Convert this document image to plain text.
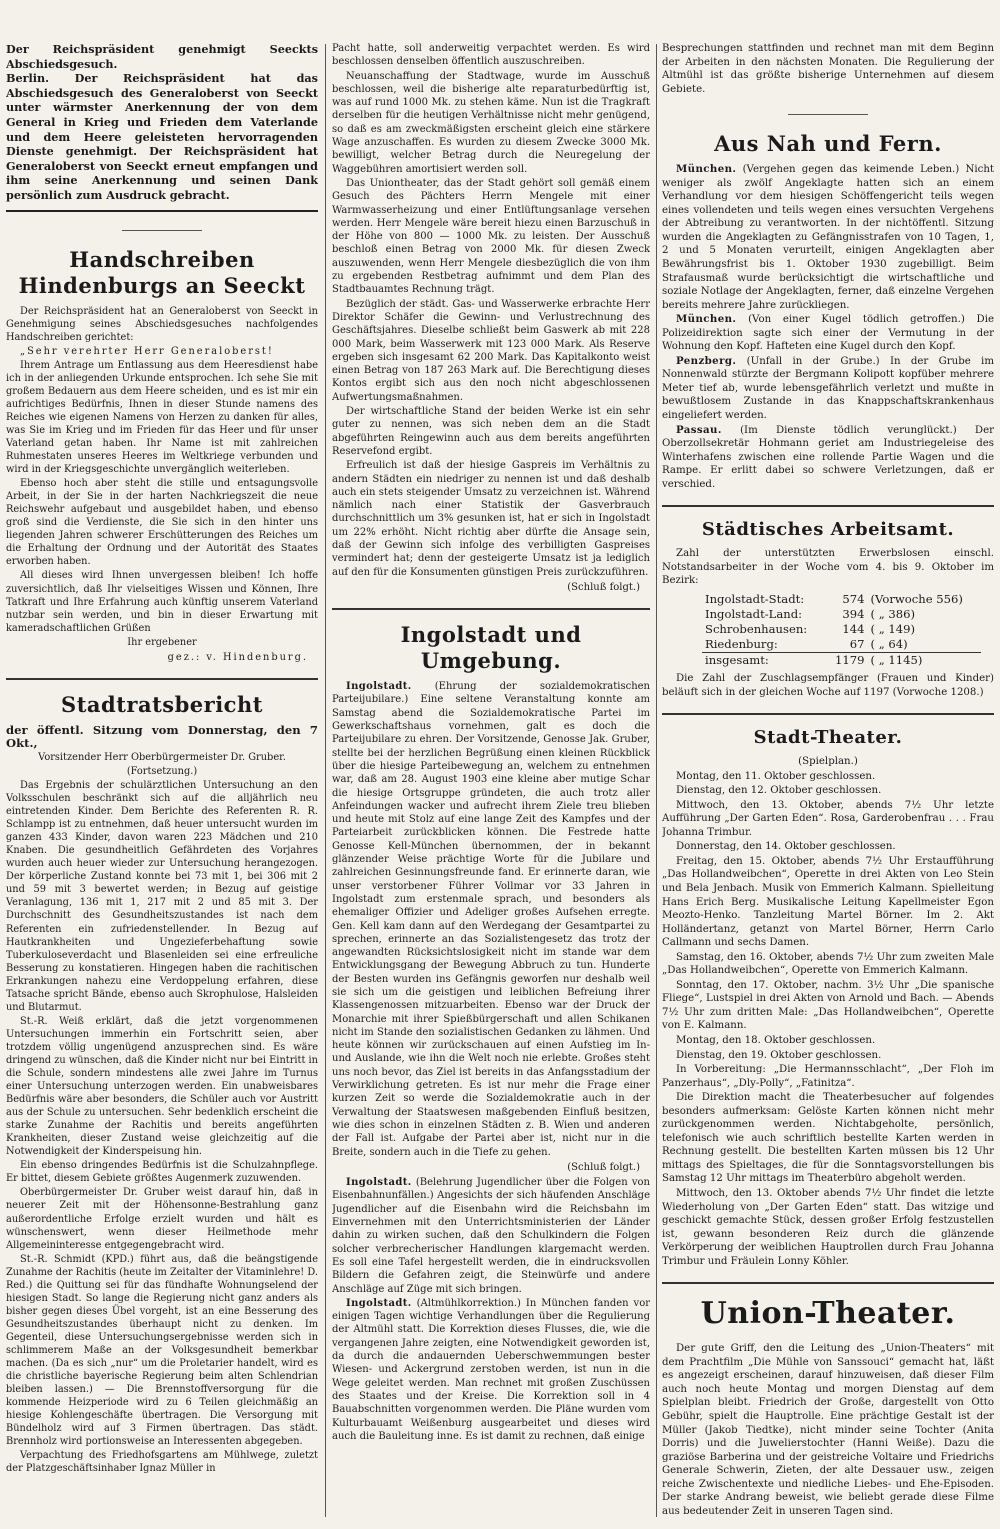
Der Reichspräsident genehmigt Seeckts Abschiedsgesuch.

Berlin. Der Reichspräsident hat das Abschiedsgesuch des Generaloberst von Seeckt unter wärmster Anerkennung der von dem General in Krieg und Frieden dem Vaterlande und dem Heere geleisteten hervorragenden Dienste genehmigt. Der Reichspräsident hat Generaloberst von Seeckt erneut empfangen und ihm seine Anerkennung und seinen Dank persönlich zum Ausdruck gebracht.

Handschreiben Hindenburgs an Seeckt

Der Reichspräsident hat an Generaloberst von Seeckt in Genehmigung seines Abschiedsgesuches nachfolgendes Handschreiben gerichtet:

„Sehr verehrter Herr Generaloberst!

Ihrem Antrage um Entlassung aus dem Heeresdienst habe ich in der anliegenden Urkunde entsprochen. Ich sehe Sie mit großem Bedauern aus dem Heere scheiden, und es ist mir ein aufrichtiges Bedürfnis, Ihnen in dieser Stunde namens des Reiches wie eigenen Namens von Herzen zu danken für alles, was Sie im Krieg und im Frieden für das Heer und für unser Vaterland getan haben. Ihr Name ist mit zahlreichen Ruhmestaten unseres Heeres im Weltkriege verbunden und wird in der Kriegsgeschichte unvergänglich weiterleben.

Ebenso hoch aber steht die stille und entsagungsvolle Arbeit, in der Sie in der harten Nachkriegszeit die neue Reichswehr aufgebaut und ausgebildet haben, und ebenso groß sind die Verdienste, die Sie sich in den hinter uns liegenden Jahren schwerer Erschütterungen des Reiches um die Erhaltung der Ordnung und der Autorität des Staates erworben haben.

All dieses wird Ihnen unvergessen bleiben! Ich hoffe zuversichtlich, daß Ihr vielseitiges Wissen und Können, Ihre Tatkraft und Ihre Erfahrung auch künftig unserem Vaterland nutzbar sein werden, und bin in dieser Erwartung mit kameradschaftlichen Grüßen

Ihr ergebener

gez.: v. Hindenburg.

Stadtratsbericht

der öffentl. Sitzung vom Donnerstag, den 7 Okt.,

Vorsitzender Herr Oberbürgermeister Dr. Gruber.

(Fortsetzung.)

Das Ergebnis der schulärztlichen Untersuchung an den Volksschulen beschränkt sich auf die alljährlich neu eintretenden Kinder. Dem Berichte des Referenten R. R. Schlampp ist zu entnehmen, daß heuer untersucht wurden im ganzen 433 Kinder, davon waren 223 Mädchen und 210 Knaben. Die gesundheitlich Gefährdeten des Vorjahres wurden auch heuer wieder zur Untersuchung herangezogen. Der körperliche Zustand konnte bei 73 mit 1, bei 306 mit 2 und 59 mit 3 bewertet werden; in Bezug auf geistige Veranlagung, 136 mit 1, 217 mit 2 und 85 mit 3. Der Durchschnitt des Gesundheitszustandes ist nach dem Referenten ein zufriedenstellender. In Bezug auf Hautkrankheiten und Ungezieferbehaftung sowie Tuberkuloseverdacht und Blasenleiden sei eine erfreuliche Besserung zu konstatieren. Hingegen haben die rachitischen Erkrankungen nahezu eine Verdoppelung erfahren, diese Tatsache spricht Bände, ebenso auch Skrophulose, Halsleiden und Blutarmut.

St.-R. Weiß erklärt, daß die jetzt vorgenommenen Untersuchungen immerhin ein Fortschritt seien, aber trotzdem völlig ungenügend anzusprechen sind. Es wäre dringend zu wünschen, daß die Kinder nicht nur bei Eintritt in die Schule, sondern mindestens alle zwei Jahre im Turnus einer Untersuchung unterzogen werden. Ein unabweisbares Bedürfnis wäre aber besonders, die Schüler auch vor Austritt aus der Schule zu untersuchen. Sehr bedenklich erscheint die starke Zunahme der Rachitis und bereits angeführten Krankheiten, dieser Zustand weise gleichzeitig auf die Notwendigkeit der Kinderspeisung hin.

Ein ebenso dringendes Bedürfnis ist die Schulzahnpflege. Er bittet, diesem Gebiete größtes Augenmerk zuzuwenden.

Oberbürgermeister Dr. Gruber weist darauf hin, daß in neuerer Zeit mit der Höhensonne-Bestrahlung ganz außerordentliche Erfolge erzielt wurden und hält es wünschenswert, wenn dieser Heilmethode mehr Allgemeininteresse entgegengebracht wird.

St.-R. Schmidt (KPD.) führt aus, daß die beängstigende Zunahme der Rachitis (heute im Zeitalter der Vitaminlehre! D. Red.) die Quittung sei für das fündhafte Wohnungselend der hiesigen Stadt. So lange die Regierung nicht ganz anders als bisher gegen dieses Übel vorgeht, ist an eine Besserung des Gesundheitszustandes überhaupt nicht zu denken. Im Gegenteil, diese Untersuchungsergebnisse werden sich in schlimmerem Maße an der Volksgesundheit bemerkbar machen. (Da es sich „nur“ um die Proletarier handelt, wird es die christliche bayerische Regierung beim alten Schlendrian bleiben lassen.) — Die Brennstoffversorgung für die kommende Heizperiode wird zu 6 Teilen gleichmäßig an hiesige Kohlengeschäfte übertragen. Die Versorgung mit Bündelholz wird auf 3 Firmen übertragen. Das städt. Brennholz wird portionsweise an Interessenten abgegeben.

Verpachtung des Friedhofsgartens am Mühlwege, zuletzt der Platzgeschäftsinhaber Ignaz Müller in

Pacht hatte, soll anderweitig verpachtet werden. Es wird beschlossen denselben öffentlich auszuschreiben.

Neuanschaffung der Stadtwage, wurde im Ausschuß beschlossen, weil die bisherige alte reparaturbedürftig ist, was auf rund 1000 Mk. zu stehen käme. Nun ist die Tragkraft derselben für die heutigen Verhältnisse nicht mehr genügend, so daß es am zweckmäßigsten erscheint gleich eine stärkere Wage anzuschaffen. Es wurden zu diesem Zwecke 3000 Mk. bewilligt, welcher Betrag durch die Neuregelung der Waggebühren amortisiert werden soll.

Das Uniontheater, das der Stadt gehört soll gemäß einem Gesuch des Pächters Herrn Mengele mit einer Warmwasserheizung und einer Entlüftungsanlage versehen werden. Herr Mengele wäre bereit hiezu einen Barzuschuß in der Höhe von 800 — 1000 Mk. zu leisten. Der Ausschuß beschloß einen Betrag von 2000 Mk. für diesen Zweck auszuwenden, wenn Herr Mengele diesbezüglich die von ihm zu ergebenden Restbetrag aufnimmt und dem Plan des Stadtbauamtes Rechnung trägt.

Bezüglich der städt. Gas- und Wasserwerke erbrachte Herr Direktor Schäfer die Gewinn- und Verlustrechnung des Geschäftsjahres. Dieselbe schließt beim Gaswerk ab mit 228 000 Mark, beim Wasserwerk mit 123 000 Mark. Als Reserve ergeben sich insgesamt 62 200 Mark. Das Kapitalkonto weist einen Betrag von 187 263 Mark auf. Die Berechtigung dieses Kontos ergibt sich aus den noch nicht abgeschlossenen Aufwertungsmaßnahmen.

Der wirtschaftliche Stand der beiden Werke ist ein sehr guter zu nennen, was sich neben dem an die Stadt abgeführten Reingewinn auch aus dem bereits angeführten Reservefond ergibt.

Erfreulich ist daß der hiesige Gaspreis im Verhältnis zu andern Städten ein niedriger zu nennen ist und daß deshalb auch ein stets steigender Umsatz zu verzeichnen ist. Während nämlich nach einer Statistik der Gasverbrauch durchschnittlich um 3% gesunken ist, hat er sich in Ingolstadt um 22% erhöht. Nicht richtig aber dürfte die Ansage sein, daß der Gewinn sich infolge des verbilligten Gaspreises vermindert hat; denn der gesteigerte Umsatz ist ja lediglich auf den für die Konsumenten günstigen Preis zurückzuführen.

(Schluß folgt.)

Ingolstadt und Umgebung.

Ingolstadt. (Ehrung der sozialdemokratischen Parteijubilare.) Eine seltene Veranstaltung konnte am Samstag abend die Sozialdemokratische Partei im Gewerkschaftshaus vornehmen, galt es doch die Parteijubilare zu ehren. Der Vorsitzende, Genosse Jak. Gruber, stellte bei der herzlichen Begrüßung einen kleinen Rückblick über die hiesige Parteibewegung an, welchem zu entnehmen war, daß am 28. August 1903 eine kleine aber mutige Schar die hiesige Ortsgruppe gründeten, die auch trotz aller Anfeindungen wacker und aufrecht ihrem Ziele treu blieben und heute mit Stolz auf eine lange Zeit des Kampfes und der Parteiarbeit zurückblicken können. Die Festrede hatte Genosse Kell-München übernommen, der in bekannt glänzender Weise prächtige Worte für die Jubilare und zahlreichen Gesinnungsfreunde fand. Er erinnerte daran, wie unser verstorbener Führer Vollmar vor 33 Jahren in Ingolstadt zum erstenmale sprach, und besonders als ehemaliger Offizier und Adeliger großes Aufsehen erregte. Gen. Kell kam dann auf den Werdegang der Gesamtpartei zu sprechen, erinnerte an das Sozialistengesetz das trotz der angewandten Rücksichtslosigkeit nicht im stande war dem Entwicklungsgang der Bewegung Abbruch zu tun. Hunderte der Besten wurden ins Gefängnis geworfen nur deshalb weil sie sich um die geistigen und leiblichen Befreiung ihrer Klassengenossen mitzuarbeiten. Ebenso war der Druck der Monarchie mit ihrer Spießbürgerschaft und allen Schikanen nicht im Stande den sozialistischen Gedanken zu lähmen. Und heute können wir zurückschauen auf einen Aufstieg im In- und Auslande, wie ihn die Welt noch nie erlebte. Großes steht uns noch bevor, das Ziel ist bereits in das Anfangsstadium der Verwirklichung getreten. Es ist nur mehr die Frage einer kurzen Zeit so werde die Sozialdemokratie auch in der Verwaltung der Staatswesen maßgebenden Einfluß besitzen, wie dies schon in einzelnen Städten z. B. Wien und anderen der Fall ist. Aufgabe der Partei aber ist, nicht nur in die Breite, sondern auch in die Tiefe zu gehen.

(Schluß folgt.)

Ingolstadt. (Belehrung Jugendlicher über die Folgen von Eisenbahnunfällen.) Angesichts der sich häufenden Anschläge Jugendlicher auf die Eisenbahn wird die Reichsbahn im Einvernehmen mit den Unterrichtsministerien der Länder dahin zu wirken suchen, daß den Schulkindern die Folgen solcher verbrecherischer Handlungen klargemacht werden. Es soll eine Tafel hergestellt werden, die in eindrucksvollen Bildern die Gefahren zeigt, die Steinwürfe und andere Anschläge auf Züge mit sich bringen.

Ingolstadt. (Altmühlkorrektion.) In München fanden vor einigen Tagen wichtige Verhandlungen über die Regulierung der Altmühl statt. Die Korrektion dieses Flusses, die, wie die vergangenen Jahre zeigten, eine Notwendigkeit geworden ist, da durch die andauernden Ueberschwemmungen bester Wiesen- und Ackergrund zerstoben werden, ist nun in die Wege geleitet werden. Man rechnet mit großen Zuschüssen des Staates und der Kreise. Die Korrektion soll in 4 Bauabschnitten vorgenommen werden. Die Pläne wurden vom Kulturbauamt Weißenburg ausgearbeitet und dieses wird auch die Bauleitung inne. Es ist damit zu rechnen, daß einige

Besprechungen stattfinden und rechnet man mit dem Beginn der Arbeiten in den nächsten Monaten. Die Regulierung der Altmühl ist das größte bisherige Unternehmen auf diesem Gebiete.

Aus Nah und Fern.

München. (Vergehen gegen das keimende Leben.) Nicht weniger als zwölf Angeklagte hatten sich an einem Verhandlung vor dem hiesigen Schöffengericht teils wegen eines vollendeten und teils wegen eines versuchten Vergehens der Abtreibung zu verantworten. In der nichtöffentl. Sitzung wurden die Angeklagten zu Gefängnisstrafen von 10 Tagen, 1, 2 und 5 Monaten verurteilt, einigen Angeklagten aber Bewährungsfrist bis 1. Oktober 1930 zugebilligt. Beim Strafausmaß wurde berücksichtigt die wirtschaftliche und soziale Notlage der Angeklagten, ferner, daß einzelne Vergehen bereits mehrere Jahre zurückliegen.

München. (Von einer Kugel tödlich getroffen.) Die Polizeidirektion sagte sich einer der Vermutung in der Wohnung den Kopf. Hafteten eine Kugel durch den Kopf.

Penzberg. (Unfall in der Grube.) In der Grube im Nonnenwald stürzte der Bergmann Kolipott kopfüber mehrere Meter tief ab, wurde lebensgefährlich verletzt und mußte in bewußtlosem Zustande in das Knappschaftskrankenhaus eingeliefert werden.

Passau. (Im Dienste tödlich verunglückt.) Der Oberzollsekretär Hohmann geriet am Industriegeleise des Winterhafens zwischen eine rollende Partie Wagen und die Rampe. Er erlitt dabei so schwere Verletzungen, daß er verschied.

Städtisches Arbeitsamt.

Zahl der unterstützten Erwerbslosen einschl. Notstandsarbeiter in der Woche vom 4. bis 9. Oktober im Bezirk:

Ingolstadt-Stadt:	574	(Vorwoche 556)
Ingolstadt-Land:	394	( „ 386)
Schrobenhausen:	144	( „ 149)
Riedenburg:	67	( „ 64)
insgesamt:	1179	( „ 1145)

Die Zahl der Zuschlagsempfänger (Frauen und Kinder) beläuft sich in der gleichen Woche auf 1197 (Vorwoche 1208.)

Stadt-Theater.

(Spielplan.)

Montag, den 11. Oktober geschlossen.

Dienstag, den 12. Oktober geschlossen.

Mittwoch, den 13. Oktober, abends 7½ Uhr letzte Aufführung „Der Garten Eden“. Rosa, Garderobenfrau . . . Frau Johanna Trimbur.

Donnerstag, den 14. Oktober geschlossen.

Freitag, den 15. Oktober, abends 7½ Uhr Erstaufführung „Das Hollandweibchen“, Operette in drei Akten von Leo Stein und Bela Jenbach. Musik von Emmerich Kalmann. Spielleitung Hans Erich Berg. Musikalische Leitung Kapellmeister Egon Meozto-Henko. Tanzleitung Martel Börner. Im 2. Akt Holländertanz, getanzt von Martel Börner, Herrn Carlo Callmann und sechs Damen.

Samstag, den 16. Oktober, abends 7½ Uhr zum zweiten Male „Das Hollandweibchen“, Operette von Emmerich Kalmann.

Sonntag, den 17. Oktober, nachm. 3½ Uhr „Die spanische Fliege“, Lustspiel in drei Akten von Arnold und Bach. — Abends 7½ Uhr zum dritten Male: „Das Hollandweibchen“, Operette von E. Kalmann.

Montag, den 18. Oktober geschlossen.

Dienstag, den 19. Oktober geschlossen.

In Vorbereitung: „Die Hermannsschlacht“, „Der Floh im Panzerhaus“, „Dly-Polly“, „Fatinitza“.

Die Direktion macht die Theaterbesucher auf folgendes besonders aufmerksam: Gelöste Karten können nicht mehr zurückgenommen werden. Nichtabgeholte, persönlich, telefonisch wie auch schriftlich bestellte Karten werden in Rechnung gestellt. Die bestellten Karten müssen bis 12 Uhr mittags des Spieltages, die für die Sonntagsvorstellungen bis Samstag 12 Uhr mittags im Theaterbüro abgeholt werden.

Mittwoch, den 13. Oktober abends 7½ Uhr findet die letzte Wiederholung von „Der Garten Eden“ statt. Das witzige und geschickt gemachte Stück, dessen großer Erfolg festzustellen ist, gewann besonderen Reiz durch die glänzende Verkörperung der weiblichen Hauptrollen durch Frau Johanna Trimbur und Fräulein Lonny Köhler.

Union-Theater.

Der gute Griff, den die Leitung des „Union-Theaters“ mit dem Prachtfilm „Die Mühle von Sanssouci“ gemacht hat, läßt es angezeigt erscheinen, darauf hinzuweisen, daß dieser Film auch noch heute Montag und morgen Dienstag auf dem Spielplan bleibt. Friedrich der Große, dargestellt von Otto Gebühr, spielt die Hauptrolle. Eine prächtige Gestalt ist der Müller (Jakob Tiedtke), nicht minder seine Tochter (Anita Dorris) und die Juwelierstochter (Hanni Weiße). Dazu die graziöse Barberina und der geistreiche Voltaire und Friedrichs Generale Schwerin, Zieten, der alte Dessauer usw., zeigen reiche Zwischentexte und niedliche Liebes- und Ehe-Episoden. Der starke Andrang beweist, wie beliebt gerade diese Filme aus bedeutender Zeit in unseren Tagen sind.
